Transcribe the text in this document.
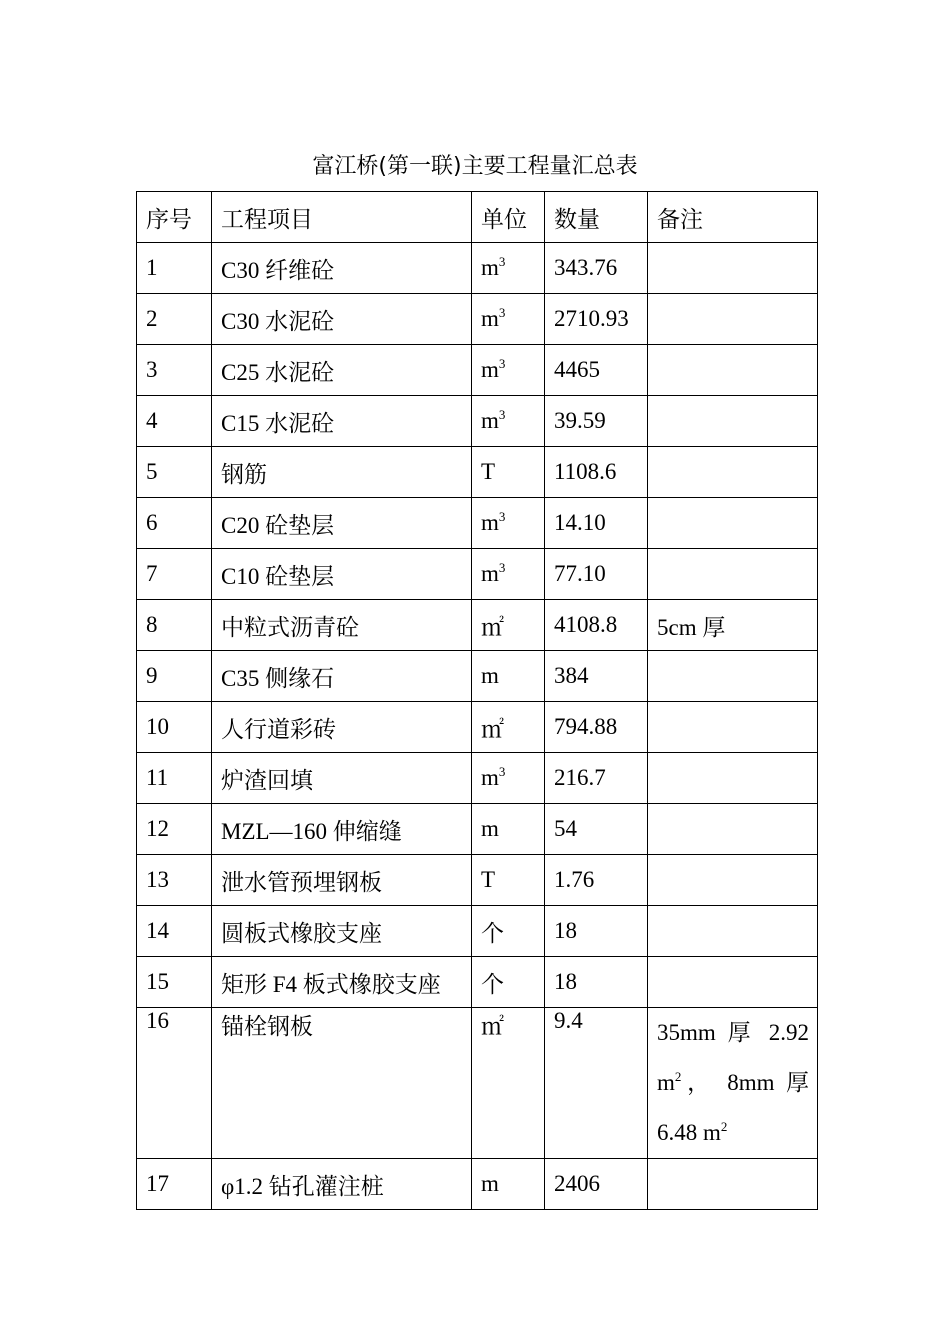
富江桥(第一联)主要工程量汇总表
序号	工程项目	单位	数量	备注
1	C30 纤维砼	$m^3$	343.76	
2	C30 水泥砼	$m^3$	2710.93	
3	C25 水泥砼	$m^3$	4465	
4	C15 水泥砼	$m^3$	39.59	
5	钢筋	T	1108.6	
6	C20 砼垫层	$m^3$	14.10	
7	C10 砼垫层	$m^3$	77.10	
8	中粒式沥青砼	㎡	4108.8	5cm 厚
9	C35 侧缘石	m	384	
10	人行道彩砖	㎡	794.88	
11	炉渣回填	$m^3$	216.7	
12	MZL—160 伸缩缝	m	54	
13	泄水管预埋钢板	T	1.76	
14	圆板式橡胶支座	个	18	
15	矩形 F4 板式橡胶支座	个	18	
16	锚栓钢板	㎡	9.4	35mm 厚 2.92 $m^2$， 8mm 厚 6.48 $m^2$
17	φ1.2 钻孔灌注桩	m	2406	
